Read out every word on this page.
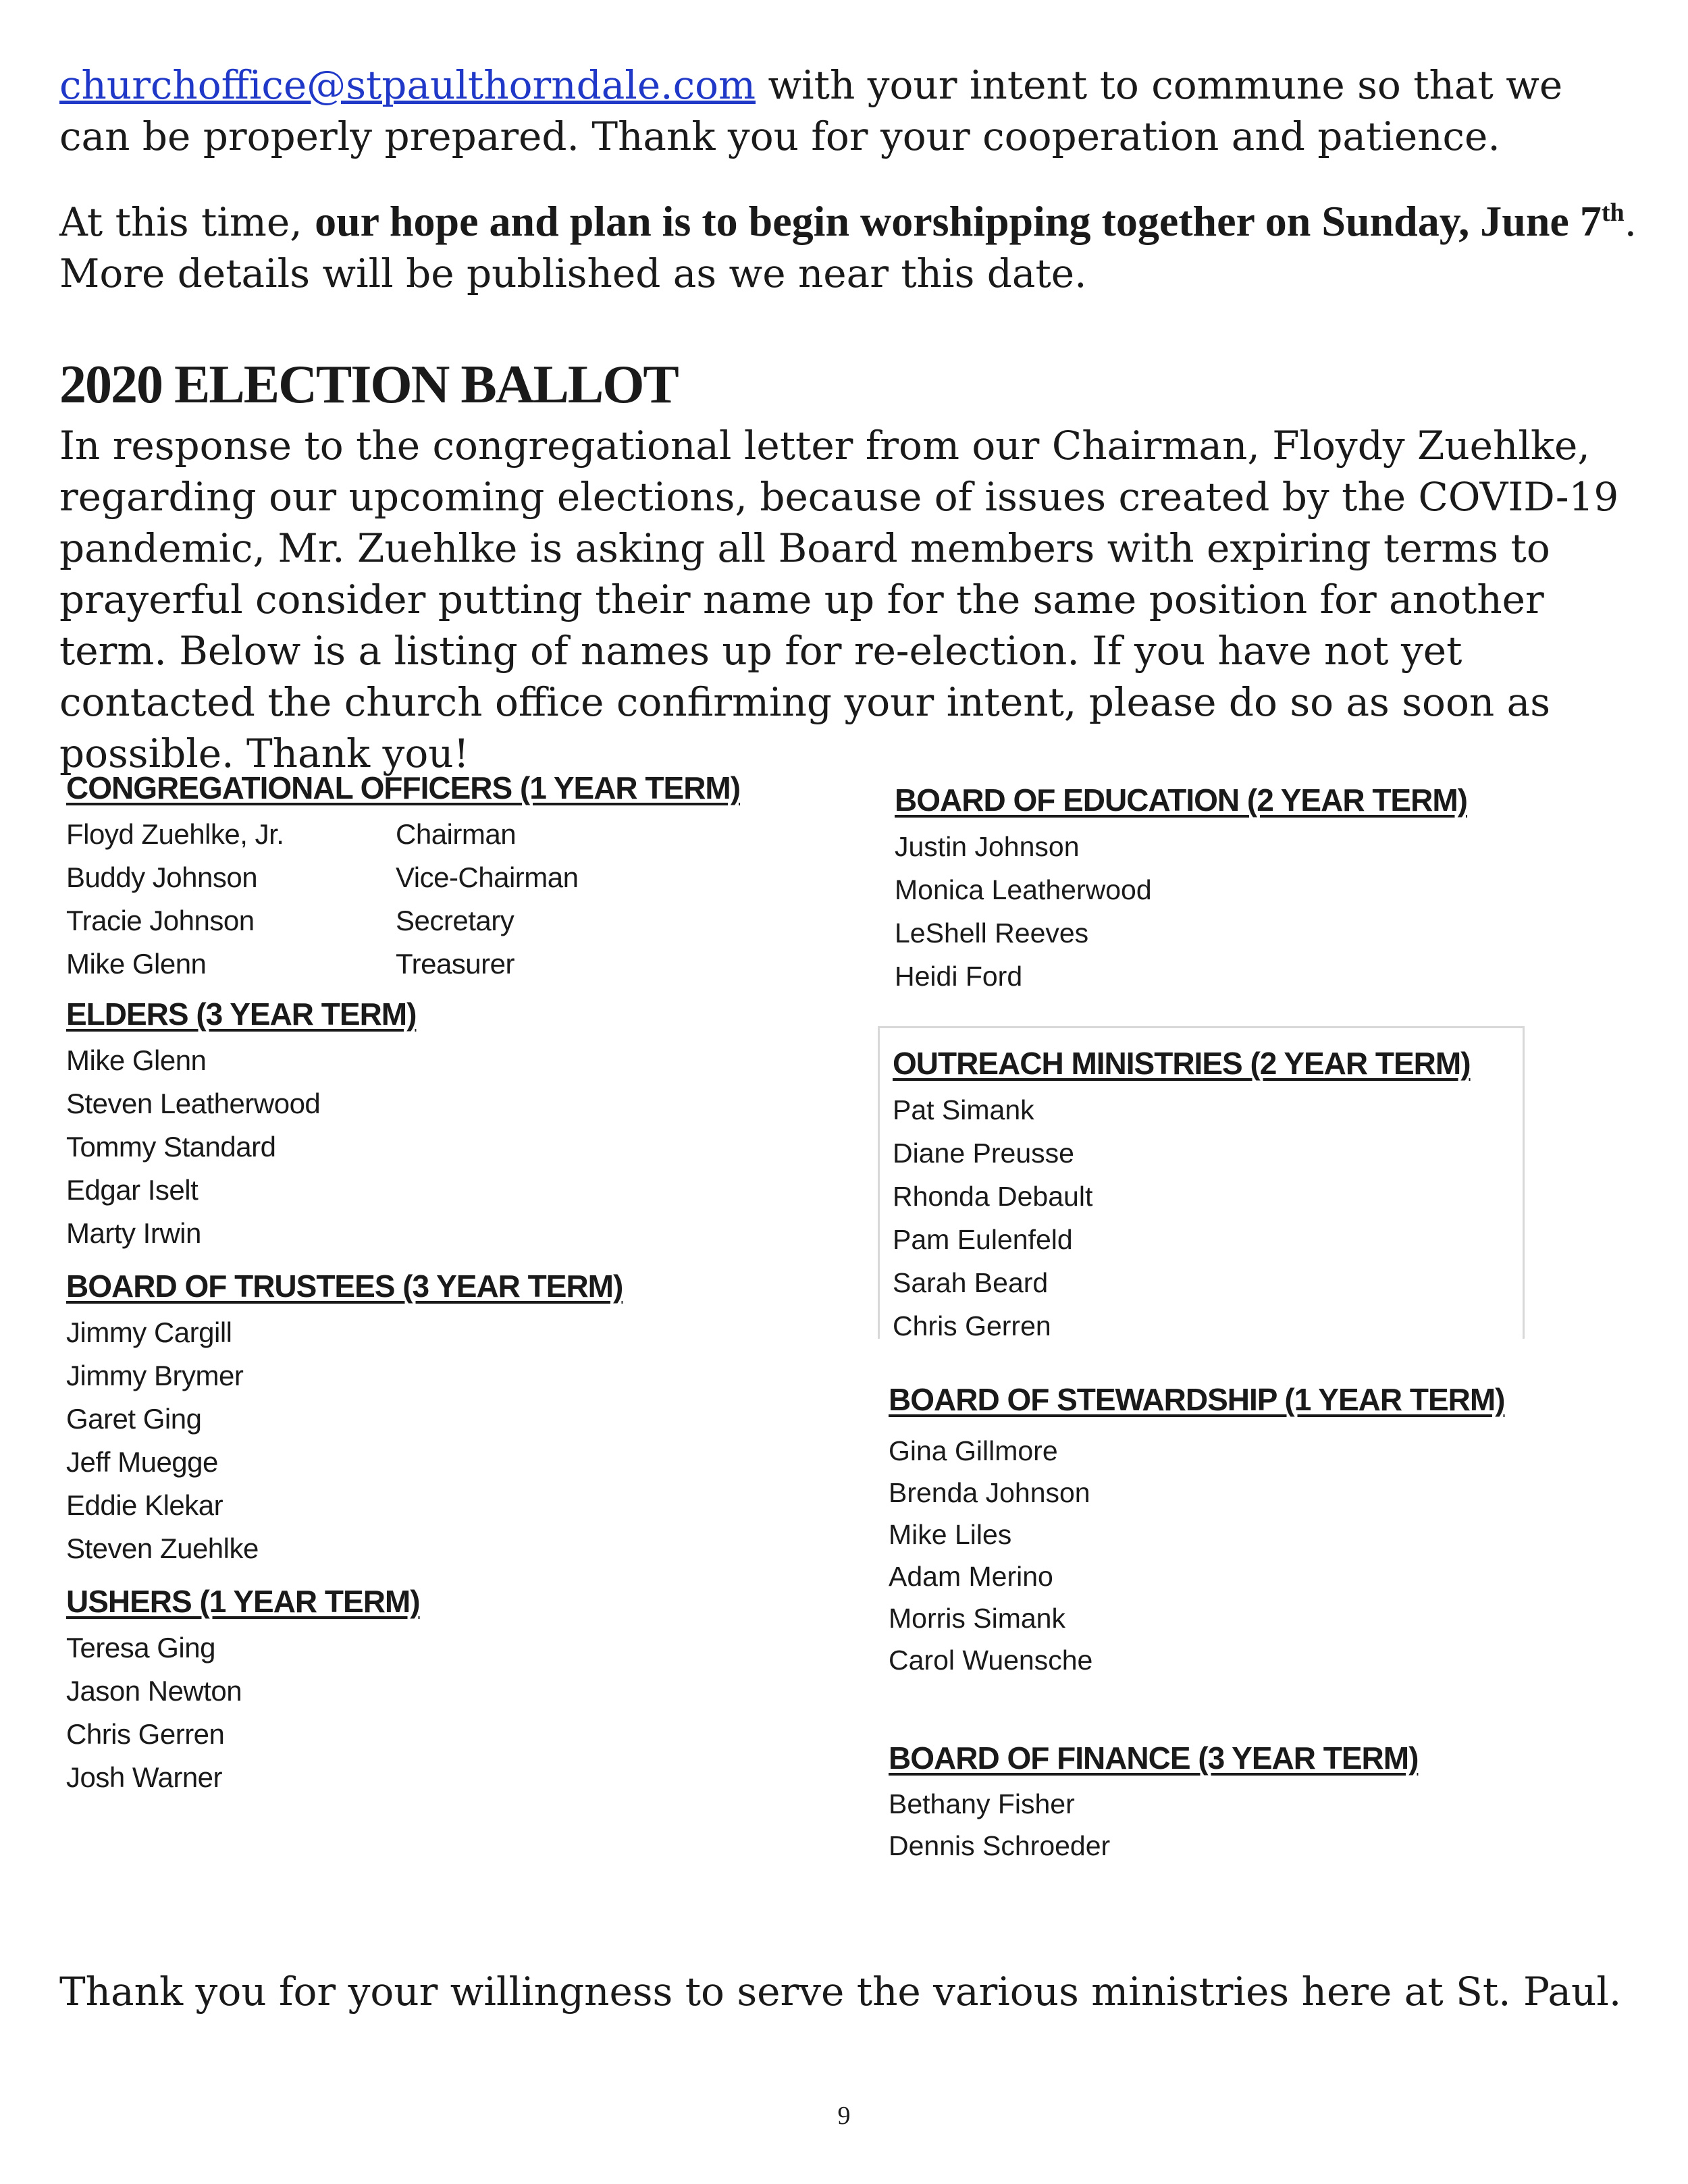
churchoffice@stpaulthorndale.com with your intent to commune so that we can be properly prepared. Thank you for your cooperation and patience.

At this time, our hope and plan is to begin worshipping together on Sunday, June 7th. More details will be published as we near this date.

2020 ELECTION BALLOT

In response to the congregational letter from our Chairman, Floydy Zuehlke, regarding our upcoming elections, because of issues created by the COVID-19 pandemic, Mr. Zuehlke is asking all Board members with expiring terms to prayerful consider putting their name up for the same position for another term. Below is a listing of names up for re-election. If you have not yet contacted the church office confirming your intent, please do so as soon as possible. Thank you!

CONGREGATIONAL OFFICERS (1 YEAR TERM)
Floyd Zuehlke, Jr.	Chairman
Buddy Johnson	Vice-Chairman
Tracie Johnson	Secretary
Mike Glenn	Treasurer
ELDERS (3 YEAR TERM)
Mike Glenn
Steven Leatherwood
Tommy Standard
Edgar Iselt
Marty Irwin
BOARD OF TRUSTEES (3 YEAR TERM)
Jimmy Cargill
Jimmy Brymer
Garet Ging
Jeff Muegge
Eddie Klekar
Steven Zuehlke
USHERS (1 YEAR TERM)
Teresa Ging
Jason Newton
Chris Gerren
Josh Warner
BOARD OF EDUCATION (2 YEAR TERM)
Justin Johnson
Monica Leatherwood
LeShell Reeves
Heidi Ford
OUTREACH MINISTRIES (2 YEAR TERM)
Pat Simank
Diane Preusse
Rhonda Debault
Pam Eulenfeld
Sarah Beard
Chris Gerren
BOARD OF STEWARDSHIP (1 YEAR TERM)
Gina Gillmore
Brenda Johnson
Mike Liles
Adam Merino
Morris Simank
Carol Wuensche
BOARD OF FINANCE (3 YEAR TERM)
Bethany Fisher
Dennis Schroeder

Thank you for your willingness to serve the various ministries here at St. Paul.

9
